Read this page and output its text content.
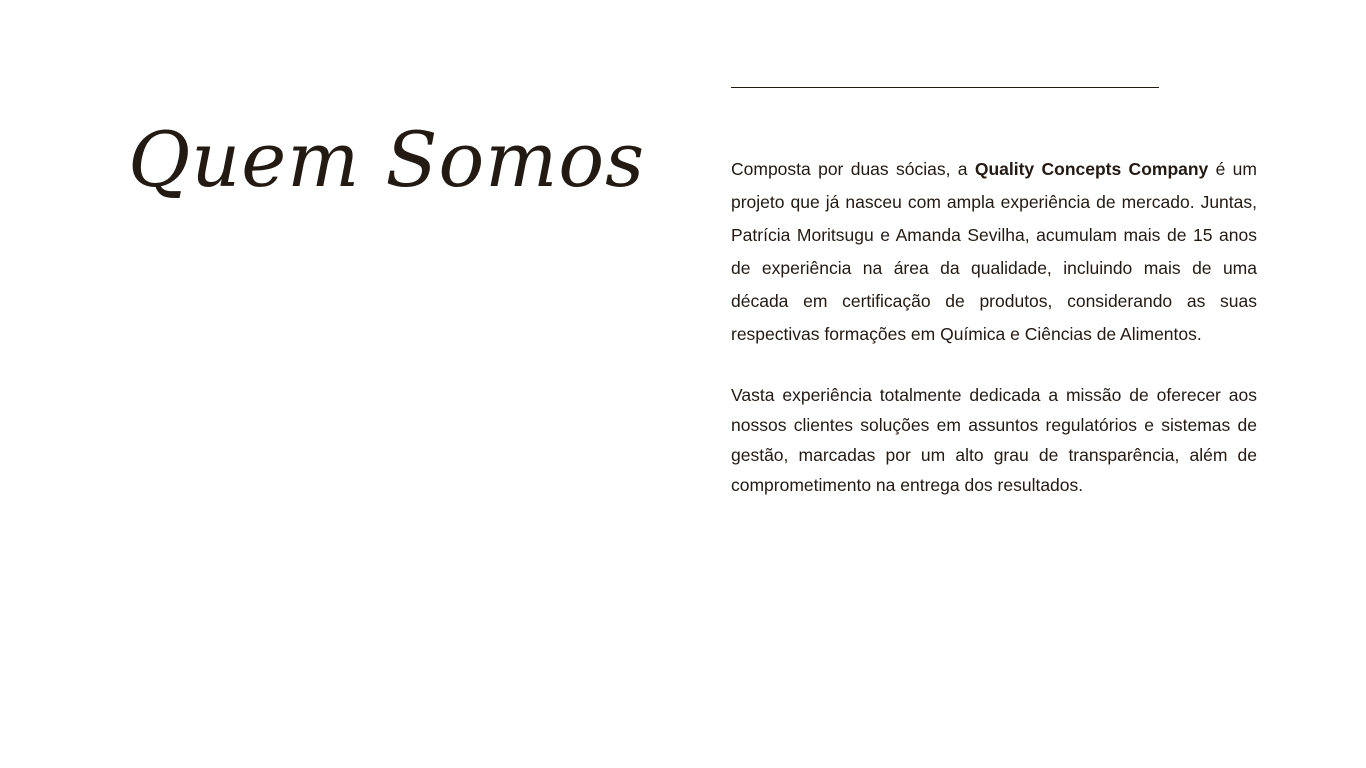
Quem Somos	Composta por duas sócias, a Quality Concepts Company é um projeto que já nasceu com ampla experiência de mercado. Juntas, Patrícia Moritsugu e Amanda Sevilha, acumulam mais de 15 anos de experiência na área da qualidade, incluindo mais de uma década em certificação de produtos, considerando as suas respectivas formações em Química e Ciências de Alimentos.

Vasta experiência totalmente dedicada a missão de oferecer aos nossos clientes soluções em assuntos regulatórios e sistemas de gestão, marcadas por um alto grau de transparência, além de comprometimento na entrega dos resultados.
